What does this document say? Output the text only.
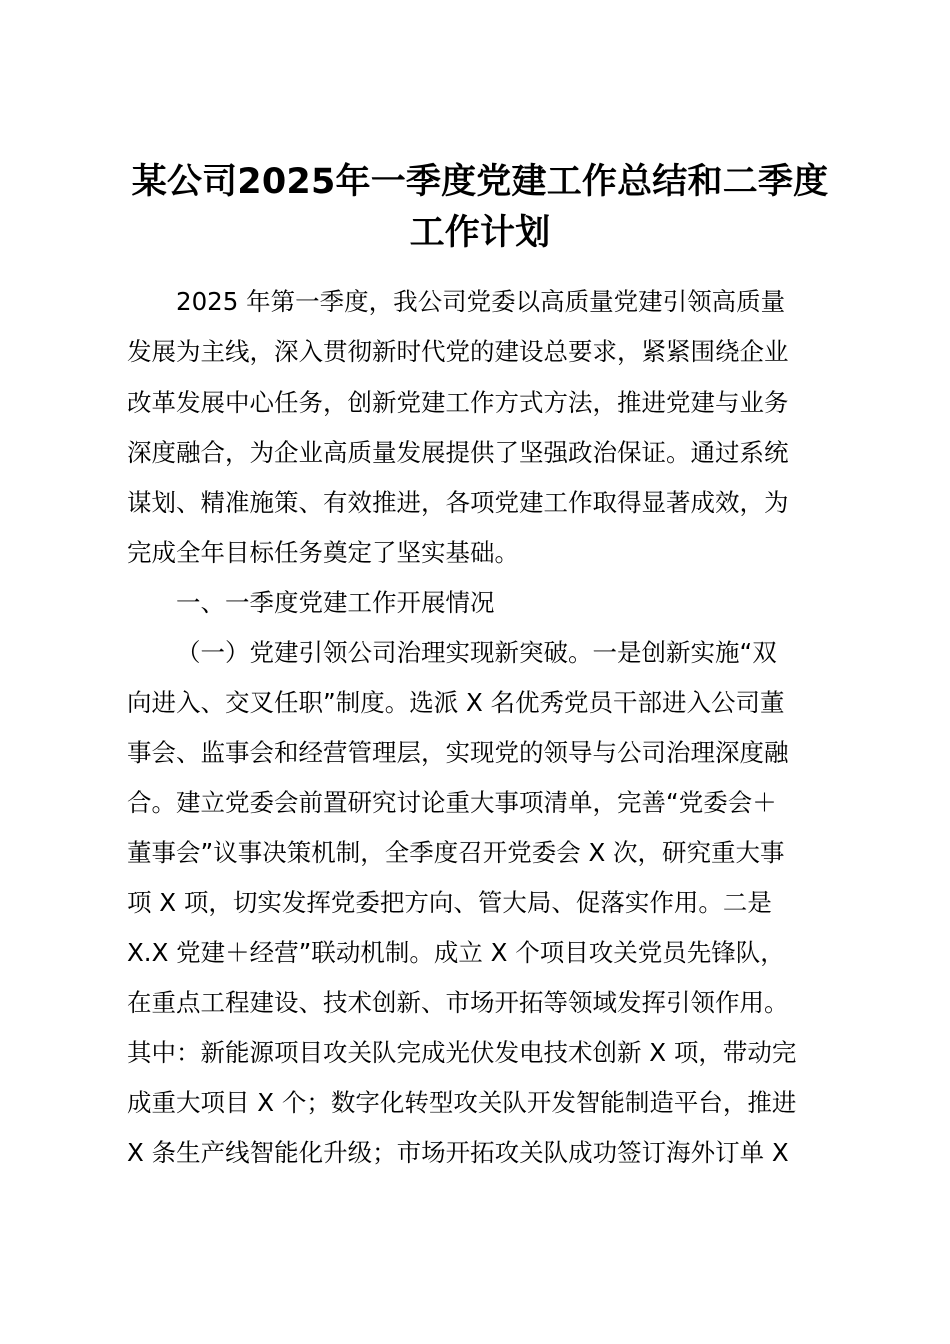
某公司2025年一季度党建工作总结和二季度
工作计划

2025 年第一季度，我公司党委以高质量党建引领高质量

发展为主线，深入贯彻新时代党的建设总要求，紧紧围绕企业

改革发展中心任务，创新党建工作方式方法，推进党建与业务

深度融合，为企业高质量发展提供了坚强政治保证。通过系统

谋划、精准施策、有效推进，各项党建工作取得显著成效，为

完成全年目标任务奠定了坚实基础。

一、一季度党建工作开展情况

（一）党建引领公司治理实现新突破。一是创新实施“双

向进入、交叉任职”制度。选派 X 名优秀党员干部进入公司董

事会、监事会和经营管理层，实现党的领导与公司治理深度融

合。建立党委会前置研究讨论重大事项清单，完善“党委会＋

董事会”议事决策机制，全季度召开党委会 X 次，研究重大事

项 X 项，切实发挥党委把方向、管大局、促落实作用。二是

X.X 党建＋经营”联动机制。成立 X 个项目攻关党员先锋队，

在重点工程建设、技术创新、市场开拓等领域发挥引领作用。

其中：新能源项目攻关队完成光伏发电技术创新 X 项，带动完

成重大项目 X 个；数字化转型攻关队开发智能制造平台，推进

X 条生产线智能化升级；市场开拓攻关队成功签订海外订单 X
